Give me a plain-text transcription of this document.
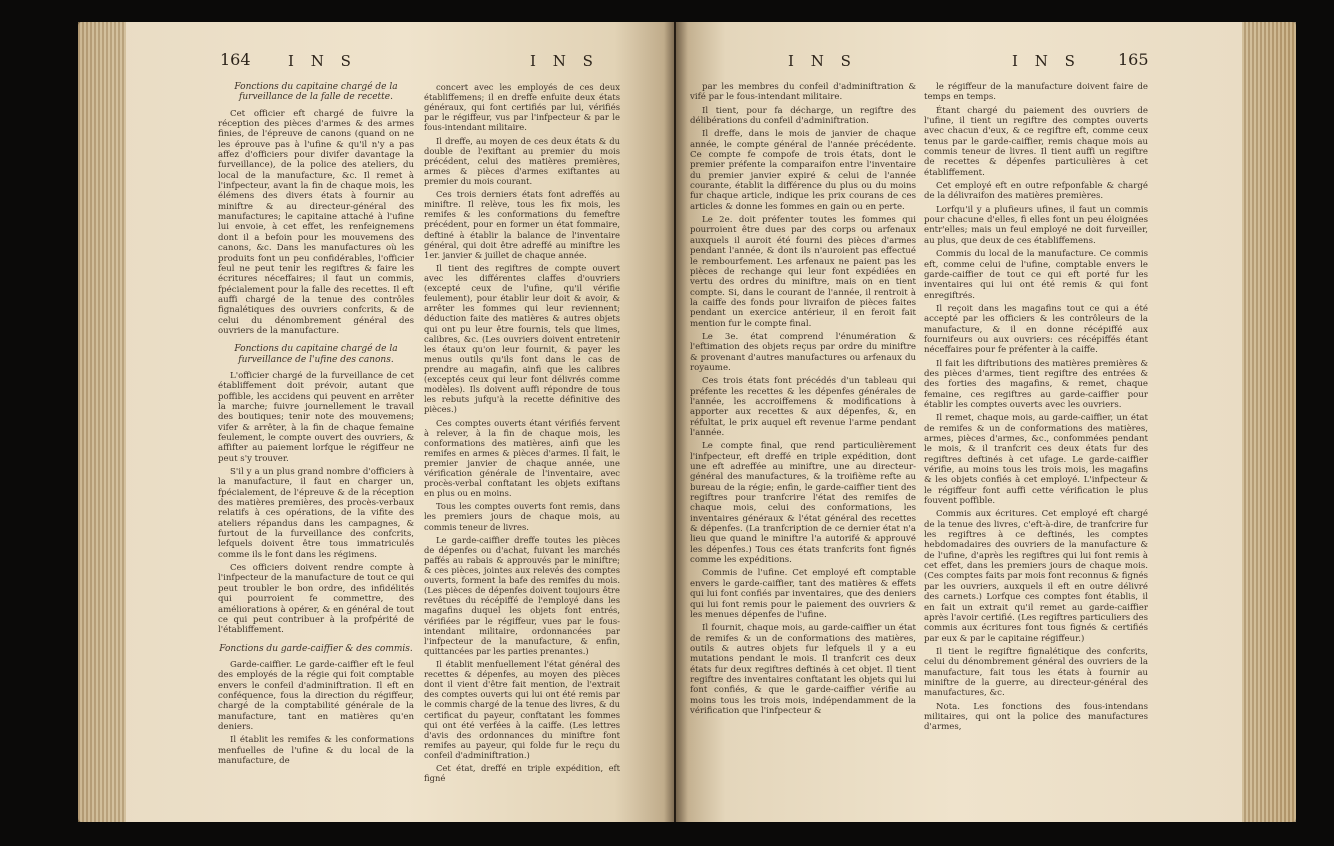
164 I N S	I N S	I N S	I N S 165

Fonctions du capitaine chargé de la furveillance de la falle de recette.

Cet officier eft chargé de fuivre la réception des pièces d'armes & des armes finies, de l'épreuve de canons (quand on ne les éprouve pas à l'ufine & qu'il n'y a pas affez d'officiers pour divifer davantage la furveillance), de la police des ateliers, du local de la manufacture, &c. Il remet à l'infpecteur, avant la fin de chaque mois, les élémens des divers états à fournir au miniftre & au directeur-général des manufactures; le capitaine attaché à l'ufine lui envoie, à cet effet, les renfeignemens dont il a befoin pour les mouvemens des canons, &c. Dans les manufactures où les produits font un peu confidérables, l'officier feul ne peut tenir les regiftres & faire les écritures néceffaires; il faut un commis, fpécialement pour la falle des recettes. Il eft auffi chargé de la tenue des contrôles fignalétiques des ouvriers confcrits, & de celui du dénombrement général des ouvriers de la manufacture.

Fonctions du capitaine chargé de la furveillance de l'ufine des canons.

L'officier chargé de la furveillance de cet établiffement doit prévoir, autant que poffible, les accidens qui peuvent en arrêter la marche; fuivre journellement le travail des boutiques; tenir note des mouvemens; vifer & arrêter, à la fin de chaque femaine feulement, le compte ouvert des ouvriers, & affifter au paiement lorfque le régiffeur ne peut s'y trouver.

S'il y a un plus grand nombre d'officiers à la manufacture, il faut en charger un, fpécialement, de l'épreuve & de la réception des matières premières, des procès-verbaux relatifs à ces opérations, de la vifite des ateliers répandus dans les campagnes, & furtout de la furveillance des confcrits, lefquels doivent être tous immatriculés comme ils le font dans les régimens.

Ces officiers doivent rendre compte à l'infpecteur de la manufacture de tout ce qui peut troubler le bon ordre, des infidélités qui pourroient fe commettre, des améliorations à opérer, & en général de tout ce qui peut contribuer à la profpérité de l'établiffement.

Fonctions du garde-caiffier & des commis.

Garde-caiffier. Le garde-caiffier eft le feul des employés de la régie qui foit comptable envers le confeil d'adminiftration. Il eft en conféquence, fous la direction du régiffeur, chargé de la comptabilité générale de la manufacture, tant en matières qu'en deniers.

Il établit les remifes & les conformations menfuelles de l'ufine & du local de la manufacture, de

concert avec les employés de ces deux établiffemens; il en dreffe enfuite deux états généraux, qui font certifiés par lui, vérifiés par le régiffeur, vus par l'infpecteur & par le fous-intendant militaire.

Il dreffe, au moyen de ces deux états & du double de l'exiftant au premier du mois précédent, celui des matières premières, armes & pièces d'armes exiftantes au premier du mois courant.

Ces trois derniers états font adreffés au miniftre. Il relève, tous les fix mois, les remifes & les conformations du femeftre précédent, pour en former un état fommaire, deftiné à établir la balance de l'inventaire général, qui doit être adreffé au miniftre les 1er. janvier & juillet de chaque année.

Il tient des regiftres de compte ouvert avec les différentes claffes d'ouvriers (excepté ceux de l'ufine, qu'il vérifie feulement), pour établir leur doit & avoir, & arrêter les fommes qui leur reviennent; déduction faite des matières & autres objets qui ont pu leur être fournis, tels que limes, calibres, &c. (Les ouvriers doivent entretenir les étaux qu'on leur fournit, & payer les menus outils qu'ils font dans le cas de prendre au magafin, ainfi que les calibres (exceptés ceux qui leur font délivrés comme modèles). Ils doivent auffi répondre de tous les rebuts jufqu'à la recette définitive des pièces.)

Ces comptes ouverts étant vérifiés fervent à relever, à la fin de chaque mois, les conformations des matières, ainfi que les remifes en armes & pièces d'armes. Il fait, le premier janvier de chaque année, une vérification générale de l'inventaire, avec procès-verbal conftatant les objets exiftans en plus ou en moins.

Tous les comptes ouverts font remis, dans les premiers jours de chaque mois, au commis teneur de livres.

Le garde-caiffier dreffe toutes les pièces de dépenfes ou d'achat, fuivant les marchés paffés au rabais & approuvés par le miniftre; & ces pièces, jointes aux relevés des comptes ouverts, forment la bafe des remifes du mois. (Les pièces de dépenfes doivent toujours être revêtues du récépiffé de l'employé dans les magafins duquel les objets font entrés, vérifiées par le régiffeur, vues par le fous-intendant militaire, ordonnancées par l'infpecteur de la manufacture, & enfin, quittancées par les parties prenantes.)

Il établit menfuellement l'état général des recettes & dépenfes, au moyen des pièces dont il vient d'être fait mention, de l'extrait des comptes ouverts qui lui ont été remis par le commis chargé de la tenue des livres, & du certificat du payeur, conftatant les fommes qui ont été verfées à la caiffe. (Les lettres d'avis des ordonnances du miniftre font remifes au payeur, qui folde fur le reçu du confeil d'adminiftration.)

Cet état, dreffé en triple expédition, eft figné

par les membres du confeil d'adminiftration & vifé par le fous-intendant militaire.

Il tient, pour fa décharge, un regiftre des délibérations du confeil d'adminiftration.

Il dreffe, dans le mois de janvier de chaque année, le compte général de l'année précédente. Ce compte fe compofe de trois états, dont le premier préfente la comparaifon entre l'inventaire du premier janvier expiré & celui de l'année courante, établit la différence du plus ou du moins fur chaque article, indique les prix courans de ces articles & donne les fommes en gain ou en perte.

Le 2e. doit préfenter toutes les fommes qui pourroient être dues par des corps ou arfenaux auxquels il auroit été fourni des pièces d'armes pendant l'année, & dont ils n'auroient pas effectué le rembourfement. Les arfenaux ne paient pas les pièces de rechange qui leur font expédiées en vertu des ordres du miniftre, mais on en tient compte. Si, dans le courant de l'année, il rentroit à la caiffe des fonds pour livraifon de pièces faites pendant un exercice antérieur, il en feroit fait mention fur le compte final.

Le 3e. état comprend l'énumération & l'eftimation des objets reçus par ordre du miniftre & provenant d'autres manufactures ou arfenaux du royaume.

Ces trois états font précédés d'un tableau qui préfente les recettes & les dépenfes générales de l'année, les accroiffemens & modifications à apporter aux recettes & aux dépenfes, &, en réfultat, le prix auquel eft revenue l'arme pendant l'année.

Le compte final, que rend particulièrement l'infpecteur, eft dreffé en triple expédition, dont une eft adreffée au miniftre, une au directeur-général des manufactures, & la troifième refte au bureau de la régie; enfin, le garde-caiffier tient des regiftres pour tranfcrire l'état des remifes de chaque mois, celui des conformations, les inventaires généraux & l'état général des recettes & dépenfes. (La tranfcription de ce dernier état n'a lieu que quand le miniftre l'a autorifé & approuvé les dépenfes.) Tous ces états tranfcrits font fignés comme les expéditions.

Commis de l'ufine. Cet employé eft comptable envers le garde-caiffier, tant des matières & effets qui lui font confiés par inventaires, que des deniers qui lui font remis pour le paiement des ouvriers & les menues dépenfes de l'ufine.

Il fournit, chaque mois, au garde-caiffier un état de remifes & un de conformations des matières, outils & autres objets fur lefquels il y a eu mutations pendant le mois. Il tranfcrit ces deux états fur deux regiftres deftinés à cet objet. Il tient regiftre des inventaires conftatant les objets qui lui font confiés, & que le garde-caiffier vérifie au moins tous les trois mois, indépendamment de la vérification que l'infpecteur &

le régiffeur de la manufacture doivent faire de temps en temps.

Étant chargé du paiement des ouvriers de l'ufine, il tient un regiftre des comptes ouverts avec chacun d'eux, & ce regiftre eft, comme ceux tenus par le garde-caiffier, remis chaque mois au commis teneur de livres. Il tient auffi un regiftre de recettes & dépenfes particulières à cet établiffement.

Cet employé eft en outre refponfable & chargé de la délivraifon des matières premières.

Lorfqu'il y a plufieurs ufines, il faut un commis pour chacune d'elles, fi elles font un peu éloignées entr'elles; mais un feul employé ne doit furveiller, au plus, que deux de ces établiffemens.

Commis du local de la manufacture. Ce commis eft, comme celui de l'ufine, comptable envers le garde-caiffier de tout ce qui eft porté fur les inventaires qui lui ont été remis & qui font enregiftrés.

Il reçoit dans les magafins tout ce qui a été accepté par les officiers & les contrôleurs de la manufacture, & il en donne récépiffé aux fournifeurs ou aux ouvriers: ces récépiffés étant néceffaires pour fe préfenter à la caiffe.

Il fait les diftributions des matières premières & des pièces d'armes, tient regiftre des entrées & des forties des magafins, & remet, chaque femaine, ces regiftres au garde-caiffier pour établir les comptes ouverts avec les ouvriers.

Il remet, chaque mois, au garde-caiffier, un état de remifes & un de conformations des matières, armes, pièces d'armes, &c., confommées pendant le mois, & il tranfcrit ces deux états fur des regiftres deftinés à cet ufage. Le garde-caiffier vérifie, au moins tous les trois mois, les magafins & les objets confiés à cet employé. L'infpecteur & le régiffeur font auffi cette vérification le plus fouvent poffible.

Commis aux écritures. Cet employé eft chargé de la tenue des livres, c'eft-à-dire, de tranfcrire fur les regiftres à ce deftinés, les comptes hebdomadaires des ouvriers de la manufacture & de l'ufine, d'après les regiftres qui lui font remis à cet effet, dans les premiers jours de chaque mois. (Ces comptes faits par mois font reconnus & fignés par les ouvriers, auxquels il eft en outre délivré des carnets.) Lorfque ces comptes font établis, il en fait un extrait qu'il remet au garde-caiffier après l'avoir certifié. (Les regiftres particuliers des commis aux écritures font tous fignés & certifiés par eux & par le capitaine régiffeur.)

Il tient le regiftre fignalétique des confcrits, celui du dénombrement général des ouvriers de la manufacture, fait tous les états à fournir au miniftre de la guerre, au directeur-général des manufactures, &c.

Nota. Les fonctions des fous-intendans militaires, qui ont la police des manufactures d'armes,
